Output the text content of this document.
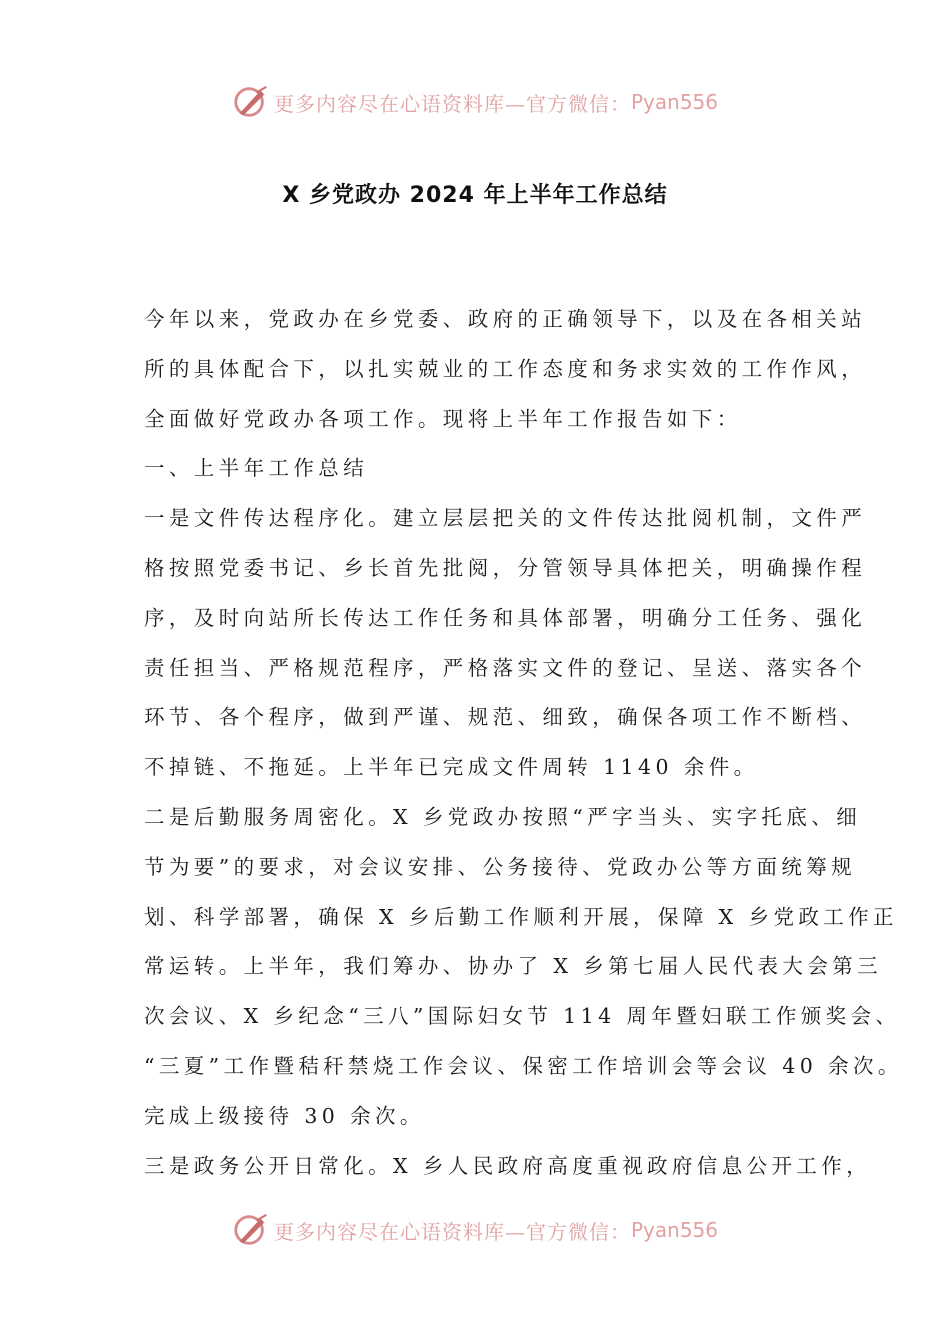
更多内容尽在心语资料库—官方微信： Pyan556
X 乡党政办 2024 年上半年工作总结
今年以来，党政办在乡党委、政府的正确领导下，以及在各相关站
所的具体配合下，以扎实兢业的工作态度和务求实效的工作作风，
全面做好党政办各项工作。现将上半年工作报告如下：
一、上半年工作总结
一是文件传达程序化。建立层层把关的文件传达批阅机制，文件严
格按照党委书记、乡长首先批阅，分管领导具体把关，明确操作程
序，及时向站所长传达工作任务和具体部署，明确分工任务、强化
责任担当、严格规范程序，严格落实文件的登记、呈送、落实各个
环节、各个程序，做到严谨、规范、细致，确保各项工作不断档、
不掉链、不拖延。上半年已完成文件周转 1140 余件。
二是后勤服务周密化。X 乡党政办按照“严字当头、实字托底、细
节为要”的要求，对会议安排、公务接待、党政办公等方面统筹规
划、科学部署，确保 X 乡后勤工作顺利开展，保障 X 乡党政工作正
常运转。上半年，我们筹办、协办了 X 乡第七届人民代表大会第三
次会议、X 乡纪念“三八”国际妇女节 114 周年暨妇联工作颁奖会、
“三夏”工作暨秸秆禁烧工作会议、保密工作培训会等会议 40 余次。
完成上级接待 30 余次。
三是政务公开日常化。X 乡人民政府高度重视政府信息公开工作，
更多内容尽在心语资料库—官方微信： Pyan556
